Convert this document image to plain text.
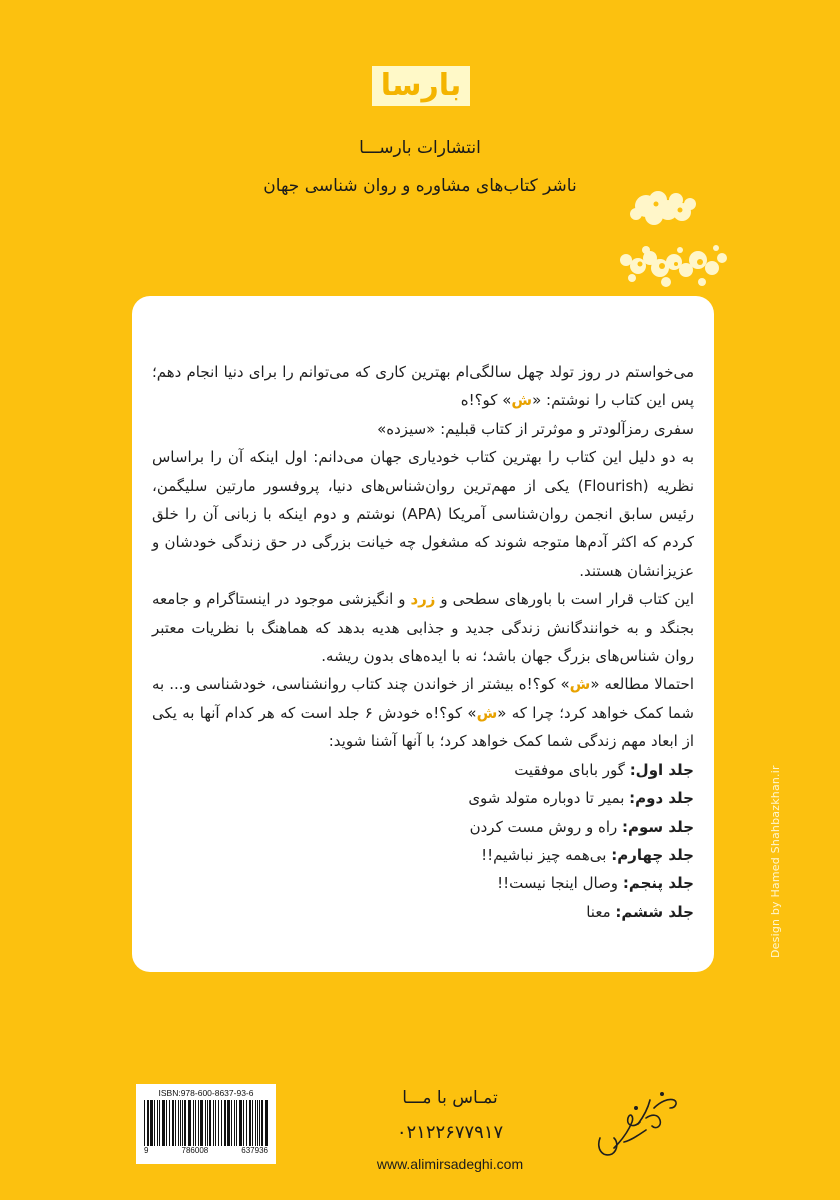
بارسا
انتشارات بارســـا
ناشر کتاب‌های مشاوره و روان شناسی جهان

می‌خواستم در روز تولد چهل سالگی‌ام بهترین کاری که می‌توانم را برای دنیا انجام دهم؛ پس این کتاب را نوشتم: «ش» کو؟!ه

سفری رمزآلودتر و موثرتر از کتاب قبلیم: «سیزده»

به دو دلیل این کتاب را بهترین کتاب خودیاری جهان می‌دانم: اول اینکه آن را براساس نظریه (Flourish) یکی از مهم‌ترین روان‌شناس‌های دنیا، پروفسور مارتین سلیگمن، رئیس سابق انجمن روان‌شناسی آمریکا (APA) نوشتم و دوم اینکه با زبانی آن را خلق کردم که اکثر آدم‌ها متوجه شوند که مشغول چه خیانت بزرگی در حق زندگی خودشان و عزیزانشان هستند.

این کتاب قرار است با باورهای سطحی و زرد و انگیزشی موجود در اینستاگرام و جامعه بجنگد و به خوانندگانش زندگی جدید و جذابی هدیه بدهد که هماهنگ با نظریات معتبر روان شناس‌های بزرگ جهان باشد؛ نه با ایده‌های بدون ریشه.

احتمالا مطالعه «ش» کو؟!ه بیشتر از خواندن چند کتاب روانشناسی، خودشناسی و... به شما کمک خواهد کرد؛ چرا که «ش» کو؟!ه خودش ۶ جلد است که هر کدام آنها به یکی از ابعاد مهم زندگی شما کمک خواهد کرد؛ با آنها آشنا شوید:

جلد اول: گور بابای موفقیت
جلد دوم: بمیر تا دوباره متولد شوی
جلد سوم: راه و روش مست کردن
جلد چهارم: بی‌همه چیز نباشیم!!
جلد پنجم: وصال اینجا نیست!!
جلد ششم: معنا	Design by Hamed Shahbazkhan.ir
ISBN:978-600-8637-93-6
9	786008	637936
تمـاس با مـــا
۰۲۱۲۲۶۷۷۹۱۷
www.alimirsadeghi.com
